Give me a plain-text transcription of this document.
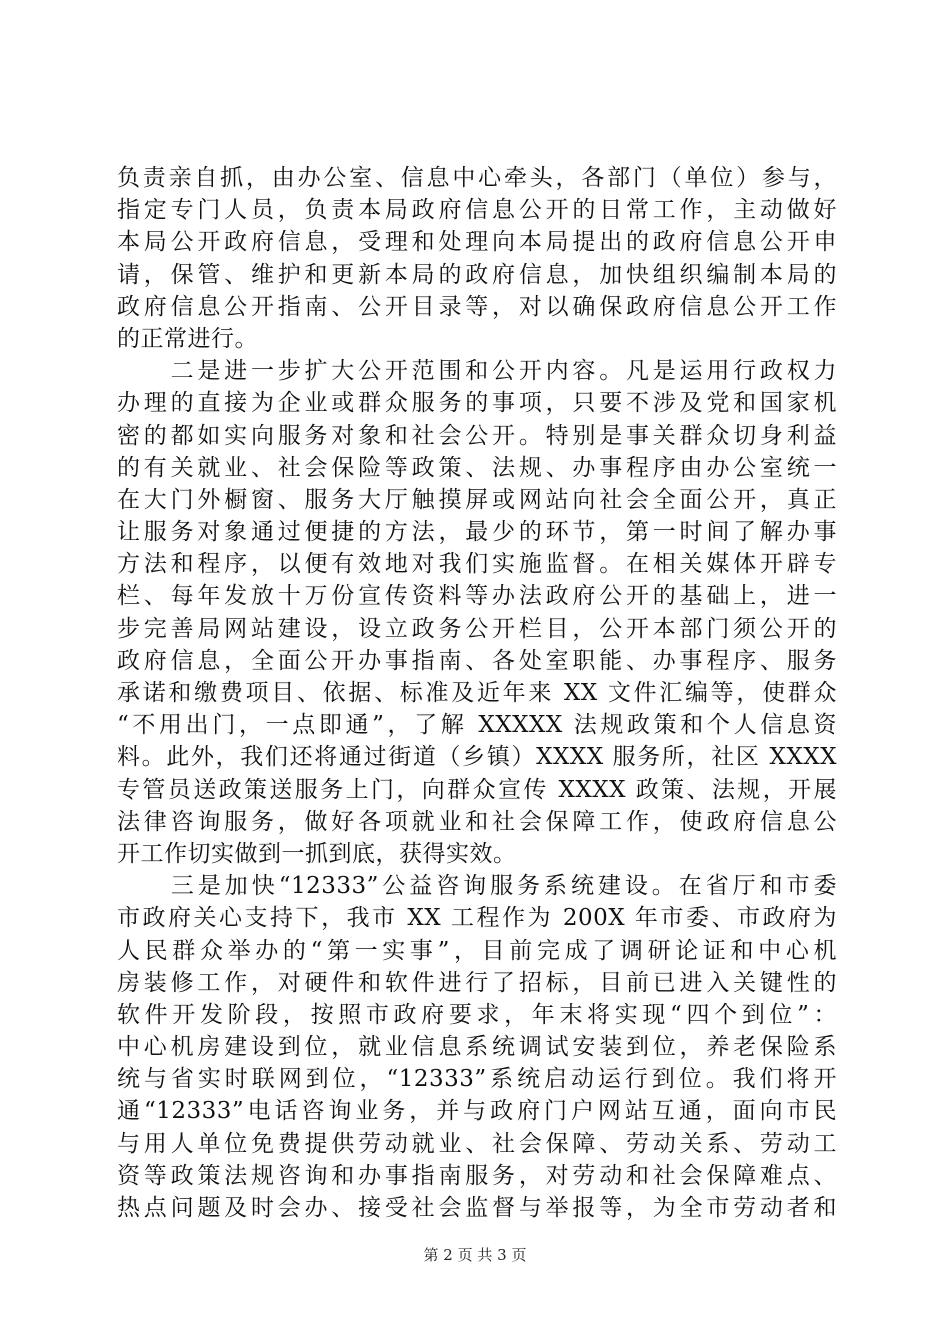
负责亲自抓，由办公室、信息中心牵头，各部门（单位）参与，
指定专门人员，负责本局政府信息公开的日常工作，主动做好
本局公开政府信息，受理和处理向本局提出的政府信息公开申
请，保管、维护和更新本局的政府信息，加快组织编制本局的
政府信息公开指南、公开目录等，对以确保政府信息公开工作
的正常进行。
　　二是进一步扩大公开范围和公开内容。凡是运用行政权力
办理的直接为企业或群众服务的事项，只要不涉及党和国家机
密的都如实向服务对象和社会公开。特别是事关群众切身利益
的有关就业、社会保险等政策、法规、办事程序由办公室统一
在大门外橱窗、服务大厅触摸屏或网站向社会全面公开，真正
让服务对象通过便捷的方法，最少的环节，第一时间了解办事
方法和程序，以便有效地对我们实施监督。在相关媒体开辟专
栏、每年发放十万份宣传资料等办法政府公开的基础上，进一
步完善局网站建设，设立政务公开栏目，公开本部门须公开的
政府信息，全面公开办事指南、各处室职能、办事程序、服务
承诺和缴费项目、依据、标准及近年来 XX 文件汇编等，使群众
“不用出门，一点即通”，了解 XXXXX 法规政策和个人信息资
料。此外，我们还将通过街道（乡镇）XXXX 服务所，社区 XXXX
专管员送政策送服务上门，向群众宣传 XXXX 政策、法规，开展
法律咨询服务，做好各项就业和社会保障工作，使政府信息公
开工作切实做到一抓到底，获得实效。
　　三是加快“12333”公益咨询服务系统建设。在省厅和市委
市政府关心支持下，我市 XX 工程作为 200X 年市委、市政府为
人民群众举办的“第一实事”，目前完成了调研论证和中心机
房装修工作，对硬件和软件进行了招标，目前已进入关键性的
软件开发阶段，按照市政府要求，年末将实现“四个到位”：
中心机房建设到位，就业信息系统调试安装到位，养老保险系
统与省实时联网到位，“12333”系统启动运行到位。我们将开
通“12333”电话咨询业务，并与政府门户网站互通，面向市民
与用人单位免费提供劳动就业、社会保障、劳动关系、劳动工
资等政策法规咨询和办事指南服务，对劳动和社会保障难点、
热点问题及时会办、接受社会监督与举报等，为全市劳动者和
第 2 页 共 3 页
